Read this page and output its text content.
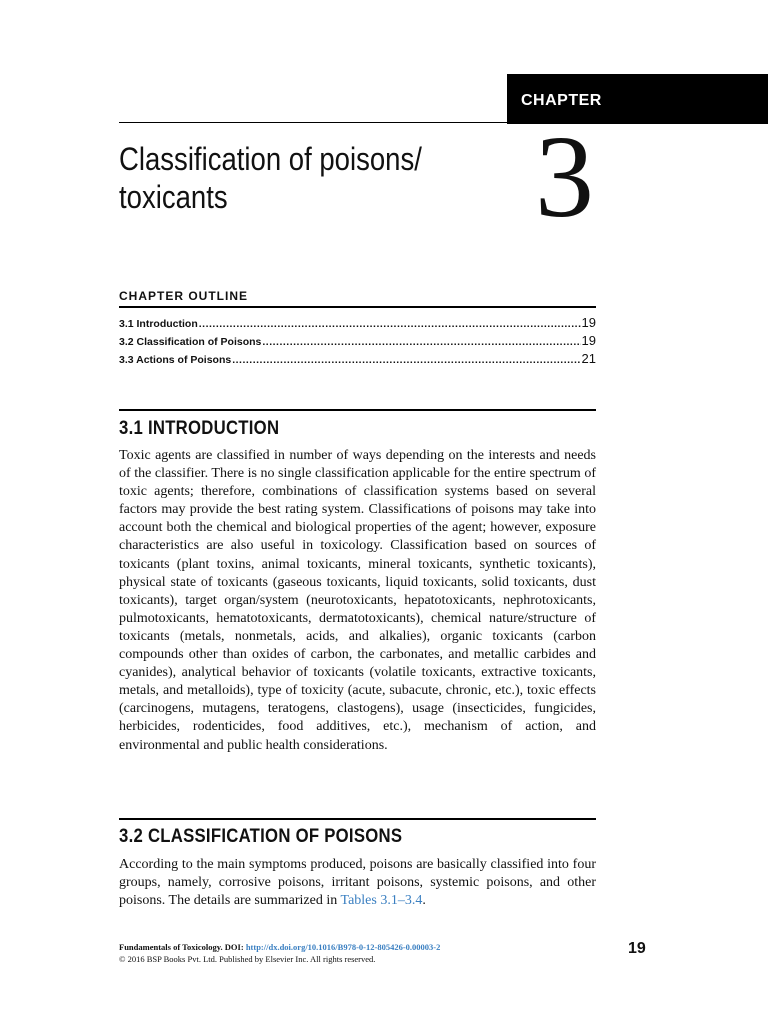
CHAPTER
Classification of poisons/ toxicants	3
CHAPTER OUTLINE
3.1 Introduction .....	19
3.2 Classification of Poisons .....	19
3.3 Actions of Poisons .....	21
3.1 INTRODUCTION

Toxic agents are classified in number of ways depending on the interests and needs of the classifier. There is no single classification applicable for the entire spectrum of toxic agents; therefore, combinations of classification systems based on several factors may provide the best rating system. Classifications of poisons may take into account both the chemical and biological properties of the agent; however, exposure characteristics are also useful in toxicology. Classification based on sources of toxicants (plant toxins, animal toxicants, mineral toxicants, synthetic toxicants), physical state of toxicants (gaseous toxicants, liquid toxicants, solid toxicants, dust toxicants), target organ/system (neurotoxicants, hepatotoxicants, nephrotoxicants, pulmotoxicants, hematotoxicants, dermatotoxicants), chemical nature/structure of toxicants (metals, nonmetals, acids, and alkalies), organic toxicants (carbon compounds other than oxides of carbon, the carbonates, and metallic carbides and cyanides), analytical behavior of toxicants (volatile toxicants, extractive toxicants, metals, and metalloids), type of toxicity (acute, subacute, chronic, etc.), toxic effects (carcinogens, mutagens, teratogens, clastogens), usage (insecticides, fungicides, herbicides, rodenticides, food additives, etc.), mechanism of action, and environmental and public health considerations.

3.2 CLASSIFICATION OF POISONS

According to the main symptoms produced, poisons are basically classified into four groups, namely, corrosive poisons, irritant poisons, systemic poisons, and other poisons. The details are summarized in Tables 3.1–3.4.

Fundamentals of Toxicology. DOI: http://dx.doi.org/10.1016/B978-0-12-805426-0.00003-2
© 2016 BSP Books Pvt. Ltd. Published by Elsevier Inc. All rights reserved.
19
